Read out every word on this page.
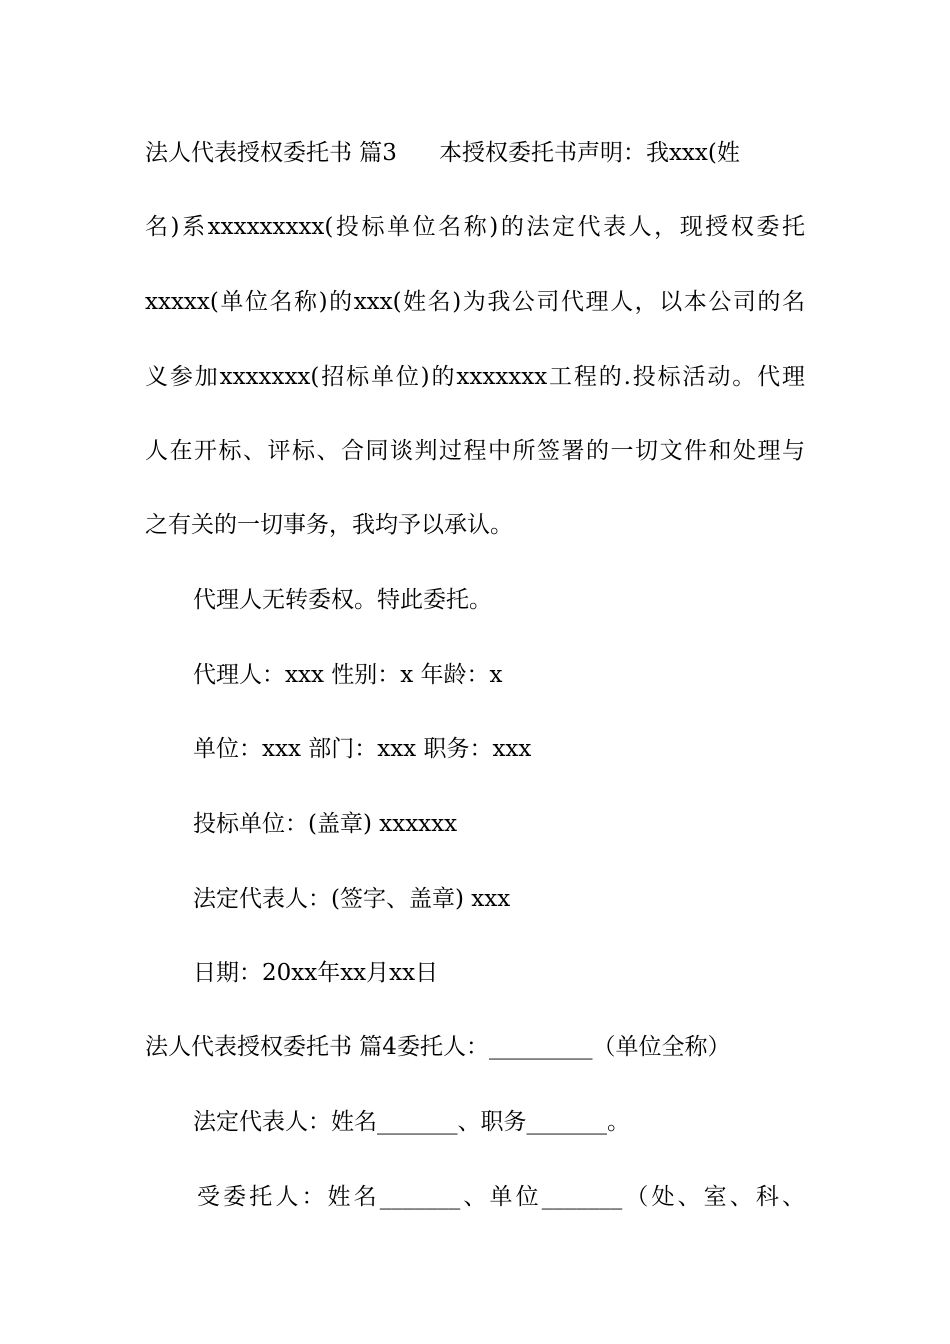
法人代表授权委托书 篇3 本授权委托书声明：我xxx(姓
名)系xxxxxxxxx(投标单位名称)的法定代表人，现授权委托
xxxxx(单位名称)的xxx(姓名)为我公司代理人，以本公司的名
义参加xxxxxxx(招标单位)的xxxxxxx工程的.投标活动。代理
人在开标、评标、合同谈判过程中所签署的一切文件和处理与
之有关的一切事务，我均予以承认。
代理人无转委权。特此委托。
代理人：xxx 性别：x 年龄：x
单位：xxx 部门：xxx 职务：xxx
投标单位：(盖章) xxxxxx
法定代表人：(签字、盖章) xxx
日期：20xx年xx月xx日
法人代表授权委托书 篇4委托人：_________（单位全称）
法定代表人：姓名_______、职务_______。
受委托人：姓名_______、单位_______（处、室、科、
